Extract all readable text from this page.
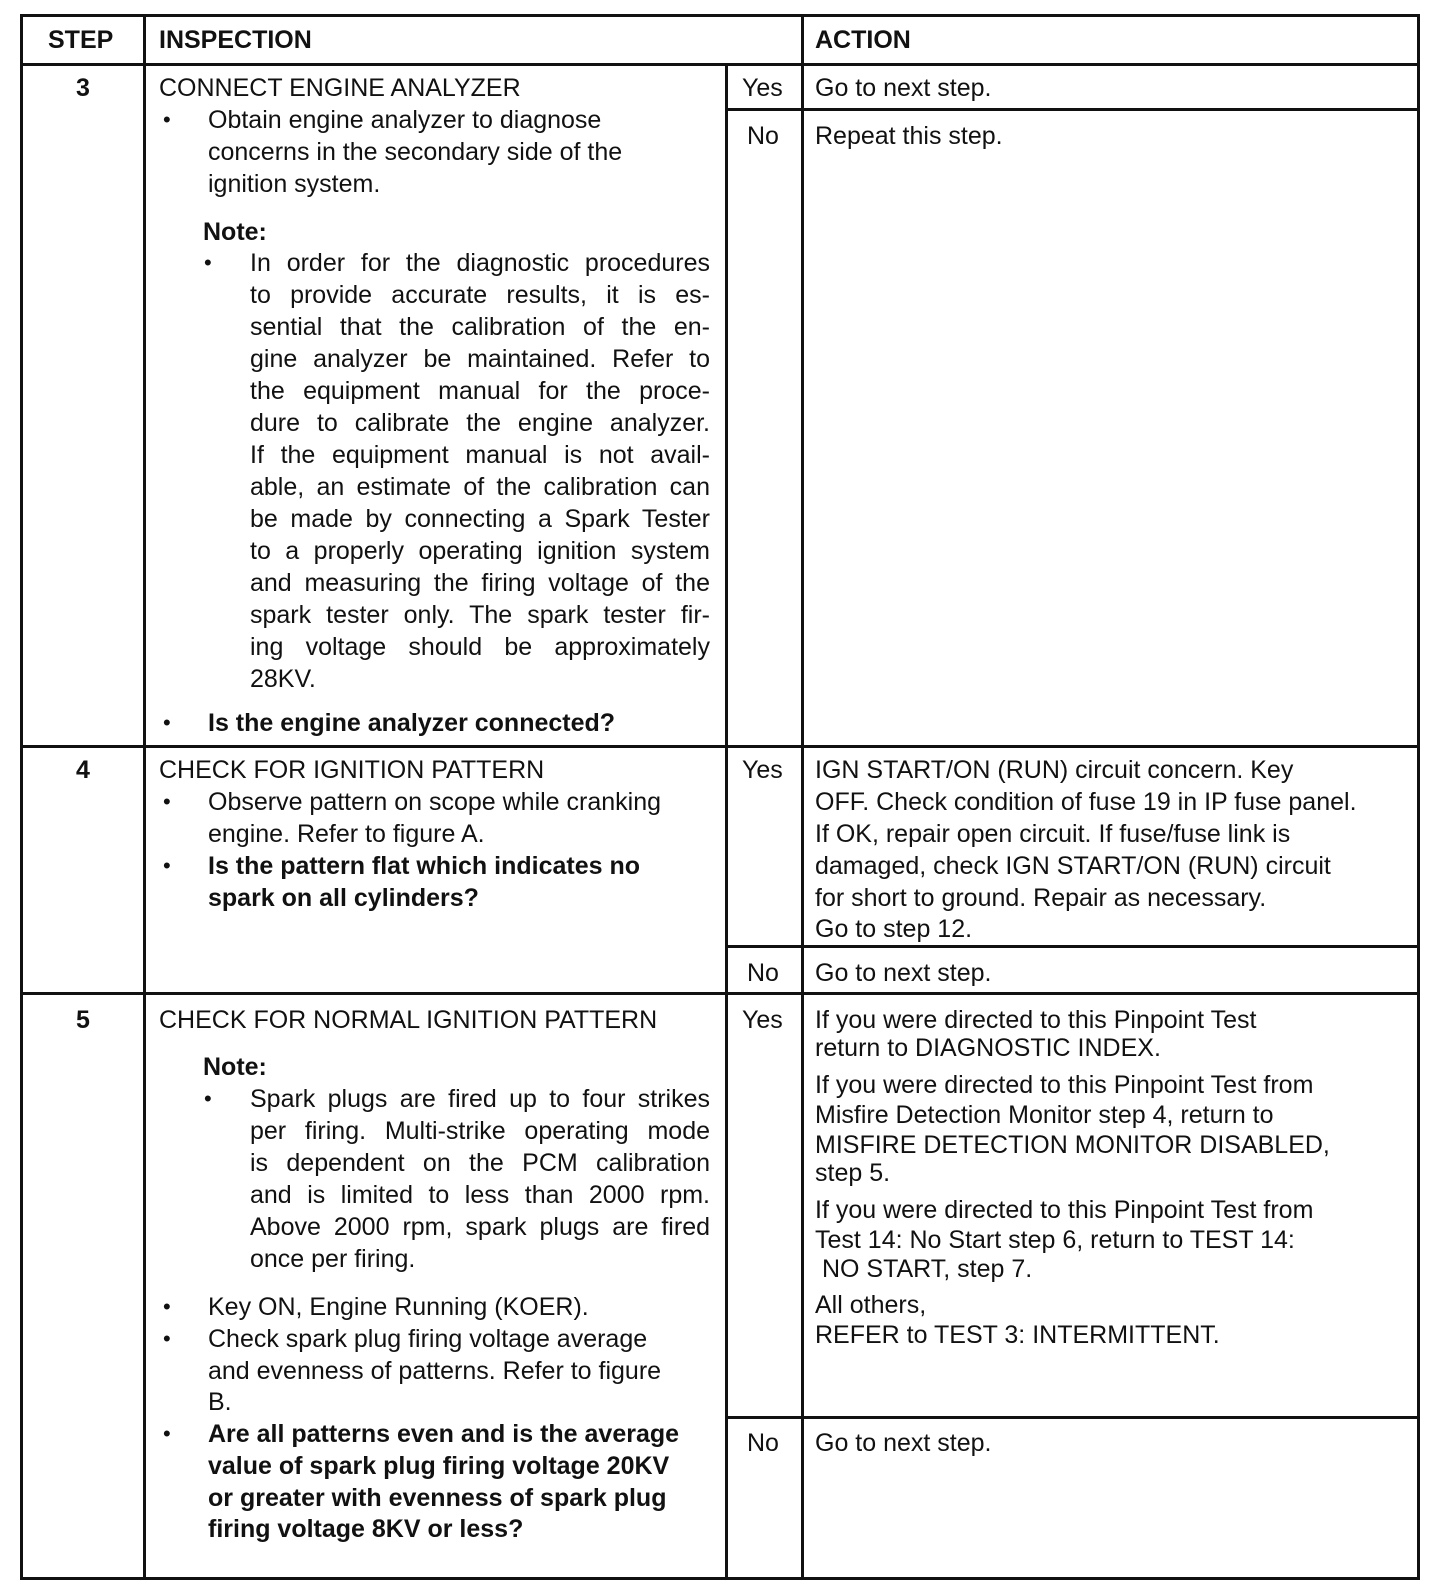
STEP INSPECTION	ACTION
3	CONNECT ENGINE ANALYZER
• Obtain engine analyzer to diagnose
concerns in the secondary side of the
ignition system.
Note:
• In order for the diagnostic procedures
to provide accurate results, it is es-
sential that the calibration of the en-
gine analyzer be maintained. Refer to
the equipment manual for the proce-
dure to calibrate the engine analyzer.
If the equipment manual is not avail-
able, an estimate of the calibration can
be made by connecting a Spark Tester
to a properly operating ignition system
and measuring the firing voltage of the
spark tester only. The spark tester fir-
ing voltage should be approximately
28KV.
• Is the engine analyzer connected?
Yes Go to next step.
No Repeat this step.
4	CHECK FOR IGNITION PATTERN
• Observe pattern on scope while cranking
engine. Refer to figure A.
• Is the pattern flat which indicates no
spark on all cylinders?
Yes IGN START/ON (RUN) circuit concern. Key
OFF. Check condition of fuse 19 in IP fuse panel.
If OK, repair open circuit. If fuse/fuse link is
damaged, check IGN START/ON (RUN) circuit
for short to ground. Repair as necessary.
Go to step 12.
No Go to next step.
5	CHECK FOR NORMAL IGNITION PATTERN
Note:
• Spark plugs are fired up to four strikes
per firing. Multi-strike operating mode
is dependent on the PCM calibration
and is limited to less than 2000 rpm.
Above 2000 rpm, spark plugs are fired
once per firing.
• Key ON, Engine Running (KOER).
• Check spark plug firing voltage average
and evenness of patterns. Refer to figure
B.
• Are all patterns even and is the average
value of spark plug firing voltage 20KV
or greater with evenness of spark plug
firing voltage 8KV or less?
Yes If you were directed to this Pinpoint Test
return to DIAGNOSTIC INDEX.
If you were directed to this Pinpoint Test from
Misfire Detection Monitor step 4, return to
MISFIRE DETECTION MONITOR DISABLED,
step 5.
If you were directed to this Pinpoint Test from
Test 14: No Start step 6, return to TEST 14:
NO START, step 7.
All others,
REFER to TEST 3: INTERMITTENT.
No Go to next step.
